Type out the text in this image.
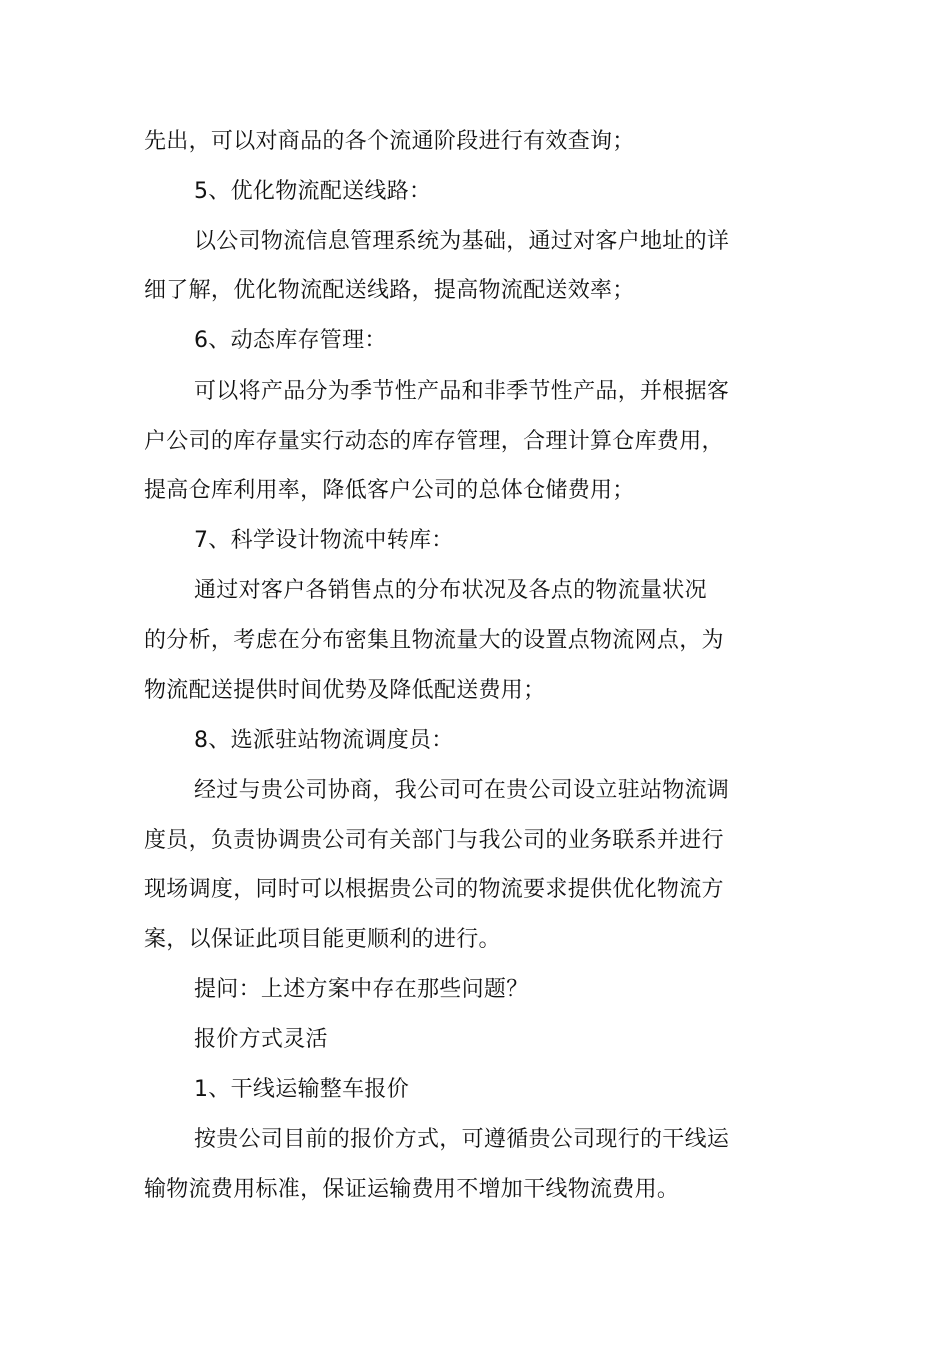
先出，可以对商品的各个流通阶段进行有效查询；
5、优化物流配送线路：
以公司物流信息管理系统为基础，通过对客户地址的详
细了解，优化物流配送线路，提高物流配送效率；
6、动态库存管理：
可以将产品分为季节性产品和非季节性产品，并根据客
户公司的库存量实行动态的库存管理，合理计算仓库费用，
提高仓库利用率，降低客户公司的总体仓储费用；
7、科学设计物流中转库：
通过对客户各销售点的分布状况及各点的物流量状况
的分析，考虑在分布密集且物流量大的设置点物流网点，为
物流配送提供时间优势及降低配送费用；
8、选派驻站物流调度员：
经过与贵公司协商，我公司可在贵公司设立驻站物流调
度员，负责协调贵公司有关部门与我公司的业务联系并进行
现场调度，同时可以根据贵公司的物流要求提供优化物流方
案，以保证此项目能更顺利的进行。
提问：上述方案中存在那些问题？
报价方式灵活
1、干线运输整车报价
按贵公司目前的报价方式，可遵循贵公司现行的干线运
输物流费用标准，保证运输费用不增加干线物流费用。
